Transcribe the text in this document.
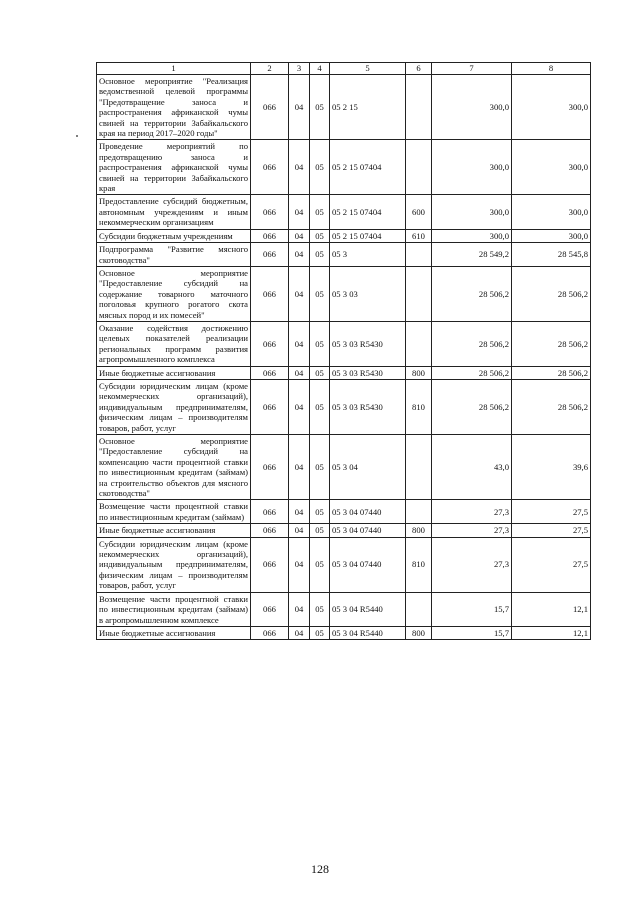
1	2	3	4	5	6	7	8
Основное мероприятие "Реализация ведомственной целевой программы "Предотвращение заноса и распространения африканской чумы свиней на территории Забайкальского края на период 2017–2020 годы"	066	04	05	05 2 15		300,0	300,0
Проведение мероприятий по предотвращению заноса и распространения африканской чумы свиней на территории Забайкальского края	066	04	05	05 2 15 07404		300,0	300,0
Предоставление субсидий бюджетным, автономным учреждениям и иным некоммерческим организациям	066	04	05	05 2 15 07404	600	300,0	300,0
Субсидии бюджетным учреждениям	066	04	05	05 2 15 07404	610	300,0	300,0
Подпрограмма "Развитие мясного скотоводства"	066	04	05	05 3		28 549,2	28 545,8
Основное мероприятие "Предоставление субсидий на содержание товарного маточного поголовья крупного рогатого скота мясных пород и их помесей"	066	04	05	05 3 03		28 506,2	28 506,2
Оказание содействия достижению целевых показателей реализации региональных программ развития агропромышленного комплекса	066	04	05	05 3 03 R5430		28 506,2	28 506,2
Иные бюджетные ассигнования	066	04	05	05 3 03 R5430	800	28 506,2	28 506,2
Субсидии юридическим лицам (кроме некоммерческих организаций), индивидуальным предпринимателям, физическим лицам – производителям товаров, работ, услуг	066	04	05	05 3 03 R5430	810	28 506,2	28 506,2
Основное мероприятие "Предоставление субсидий на компенсацию части процентной ставки по инвестиционным кредитам (займам) на строительство объектов для мясного скотоводства"	066	04	05	05 3 04		43,0	39,6
Возмещение части процентной ставки по инвестиционным кредитам (займам)	066	04	05	05 3 04 07440		27,3	27,5
Иные бюджетные ассигнования	066	04	05	05 3 04 07440	800	27,3	27,5
Субсидии юридическим лицам (кроме некоммерческих организаций), индивидуальным предпринимателям, физическим лицам – производителям товаров, работ, услуг	066	04	05	05 3 04 07440	810	27,3	27,5
Возмещение части процентной ставки по инвестиционным кредитам (займам) в агропромышленном комплексе	066	04	05	05 3 04 R5440		15,7	12,1
Иные бюджетные ассигнования	066	04	05	05 3 04 R5440	800	15,7	12,1
128
